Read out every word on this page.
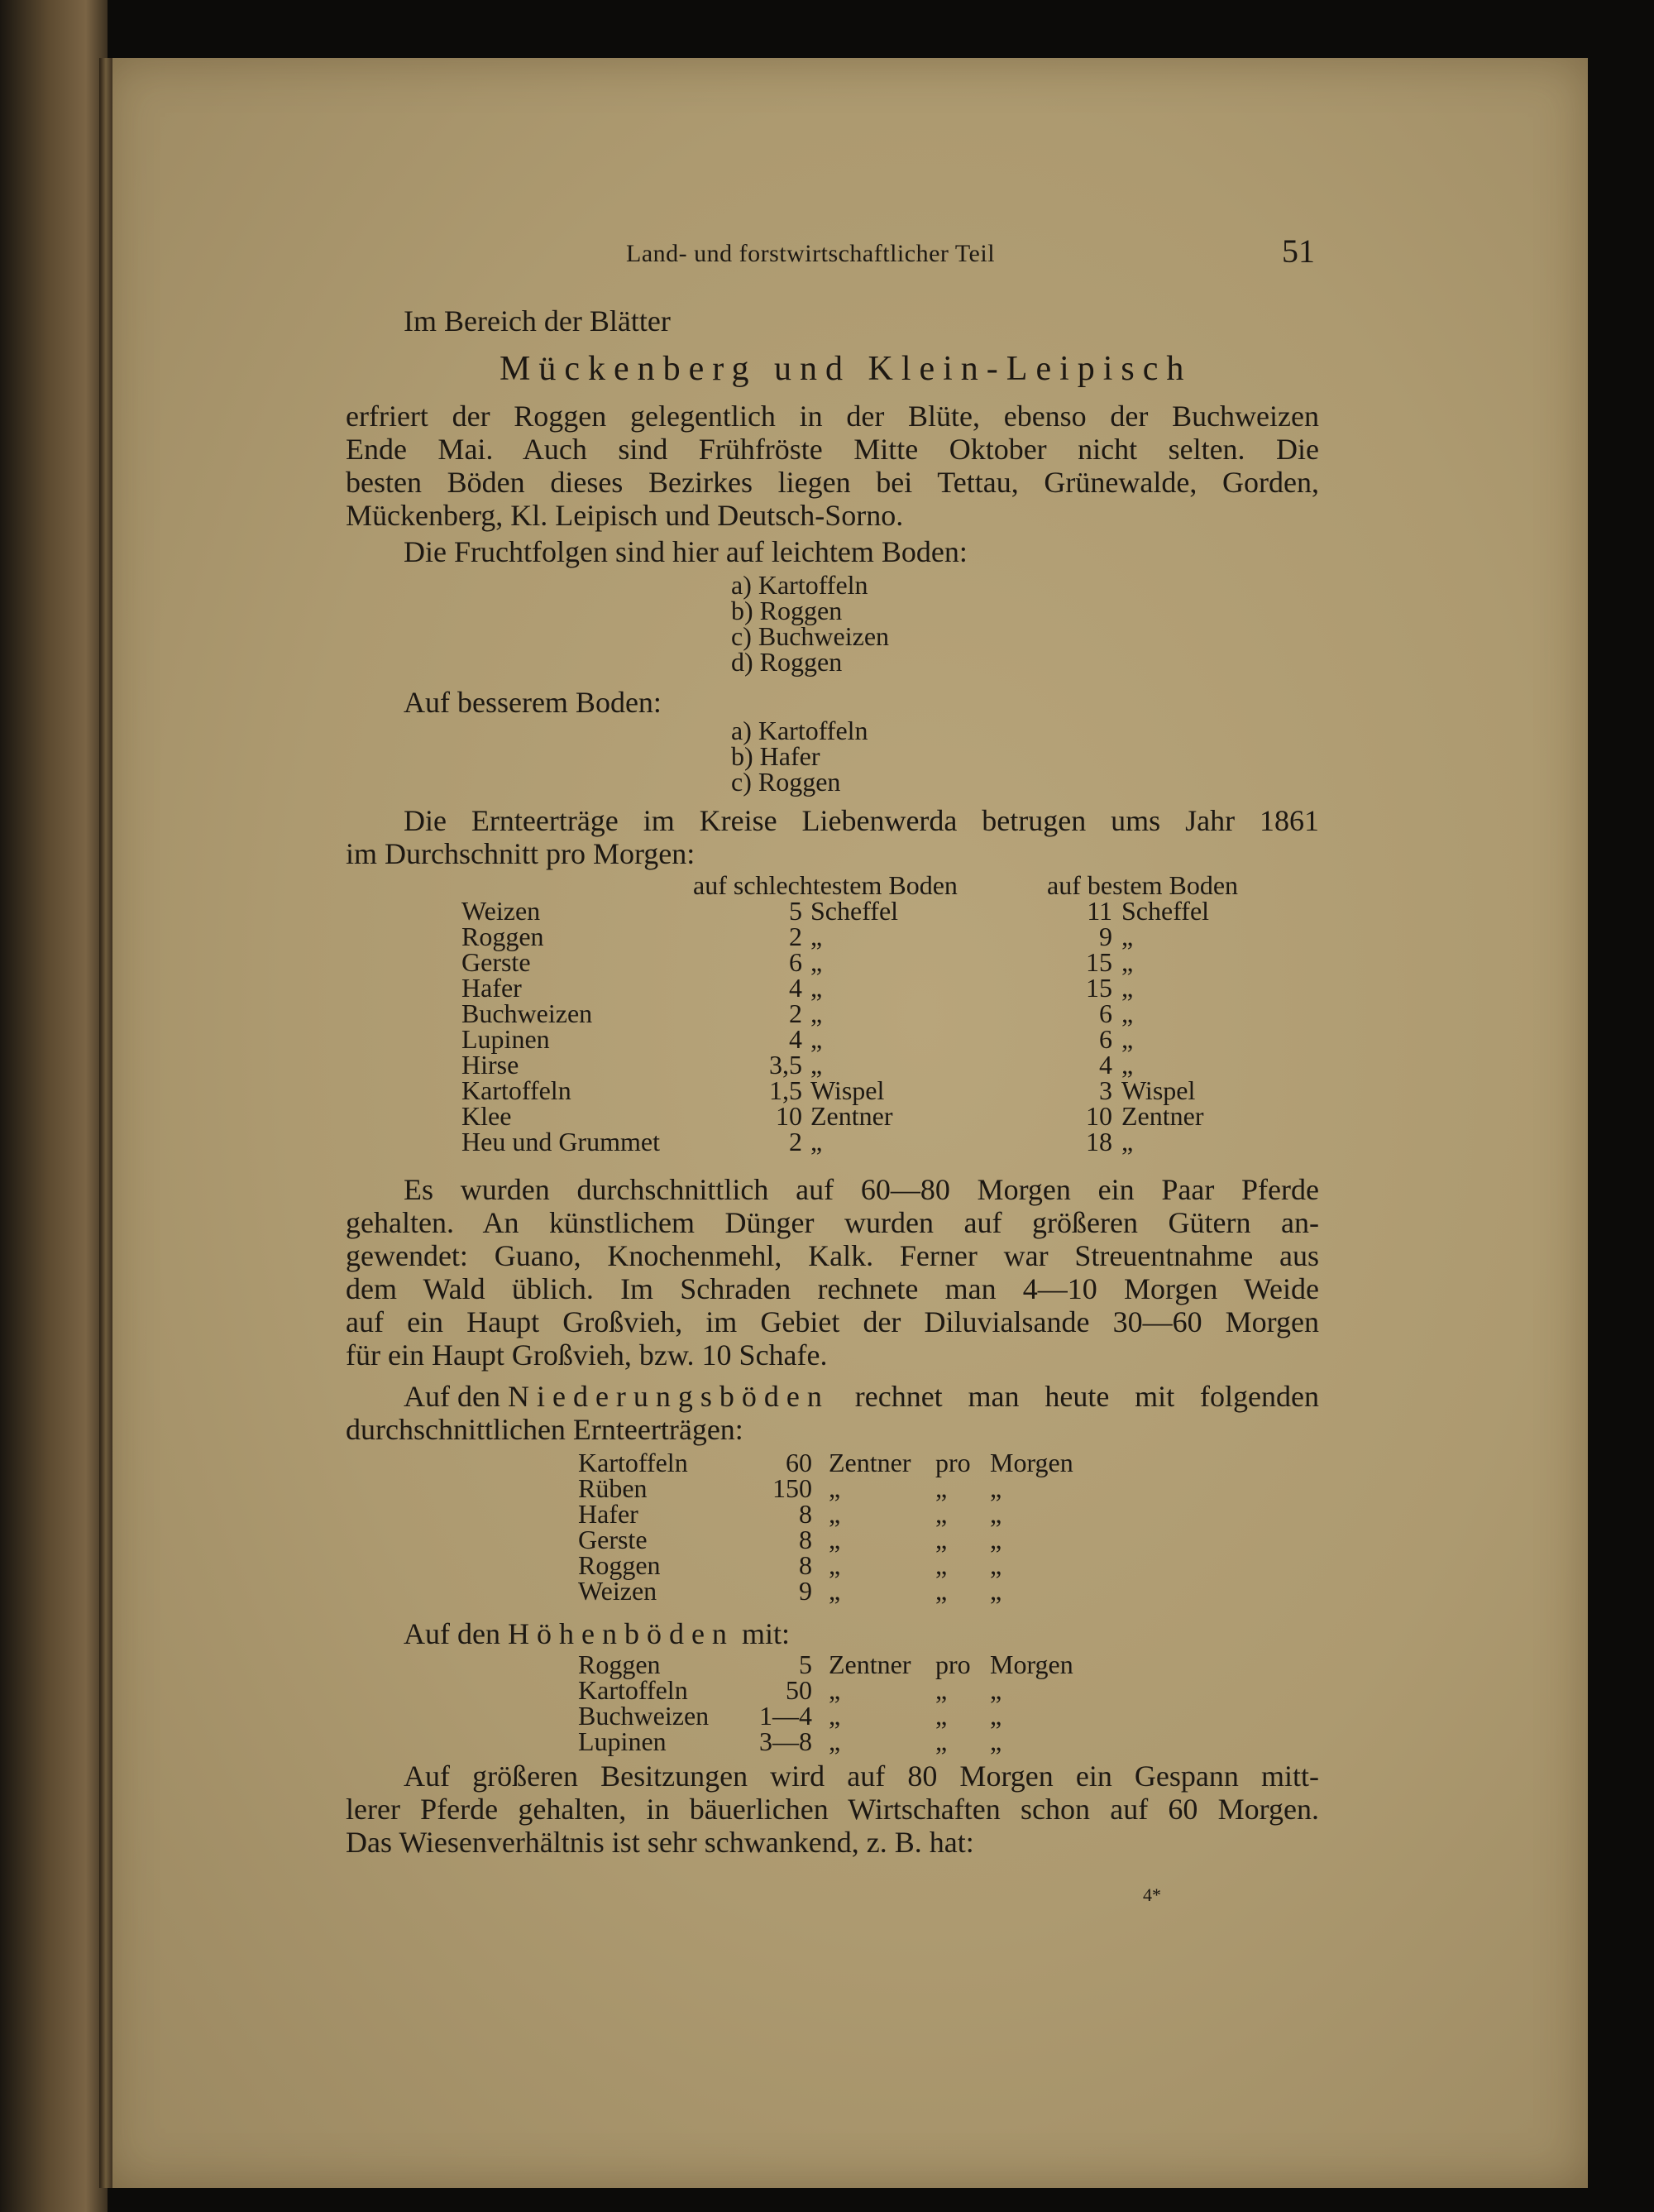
Land- und forstwirtschaftlicher Teil	51

Im Bereich der Blätter

Mückenberg und Klein-Leipisch

erfriert der Roggen gelegentlich in der Blüte, ebenso der Buchweizen

Ende Mai. Auch sind Frühfröste Mitte Oktober nicht selten. Die

besten Böden dieses Bezirkes liegen bei Tettau, Grünewalde, Gorden,

Mückenberg, Kl. Leipisch und Deutsch-Sorno.

Die Fruchtfolgen sind hier auf leichtem Boden:

a) Kartoffeln

b) Roggen

c) Buchweizen

d) Roggen

Auf besserem Boden:

a) Kartoffeln

b) Hafer

c) Roggen

Die Ernteerträge im Kreise Liebenwerda betrugen ums Jahr 1861

im Durchschnitt pro Morgen:

auf schlechtestem Boden	auf bestem Boden
Weizen	5 Scheffel	11 Scheffel
Roggen	2 „	9 „
Gerste	6 „	15 „
Hafer	4 „	15 „
Buchweizen	2 „	6 „
Lupinen	4 „	6 „
Hirse	3,5 „	4 „
Kartoffeln	1,5 Wispel	3 Wispel
Klee	10 Zentner	10 Zentner
Heu und Grummet	2 „	18 „

Es wurden durchschnittlich auf 60—80 Morgen ein Paar Pferde

gehalten. An künstlichem Dünger wurden auf größeren Gütern an-

gewendet: Guano, Knochenmehl, Kalk. Ferner war Streuentnahme aus

dem Wald üblich. Im Schraden rechnete man 4—10 Morgen Weide

auf ein Haupt Großvieh, im Gebiet der Diluvialsande 30—60 Morgen

für ein Haupt Großvieh, bzw. 10 Schafe.

Auf den Niederungsböden rechnet man heute mit folgenden

durchschnittlichen Ernteerträgen:

Kartoffeln	60 Zentner pro Morgen
Rüben	150 „	„ „
Hafer	8 „	„ „
Gerste	8 „	„ „
Roggen	8 „	„ „
Weizen	9 „	„ „
Auf den Höhenböden mit:
Roggen	5 Zentner pro Morgen
Kartoffeln	50 „	„ „
Buchweizen 1—4 „	„ „
Lupinen	3—8 „	„ „

Auf größeren Besitzungen wird auf 80 Morgen ein Gespann mitt-

lerer Pferde gehalten, in bäuerlichen Wirtschaften schon auf 60 Morgen.

Das Wiesenverhältnis ist sehr schwankend, z. B. hat:

4*
